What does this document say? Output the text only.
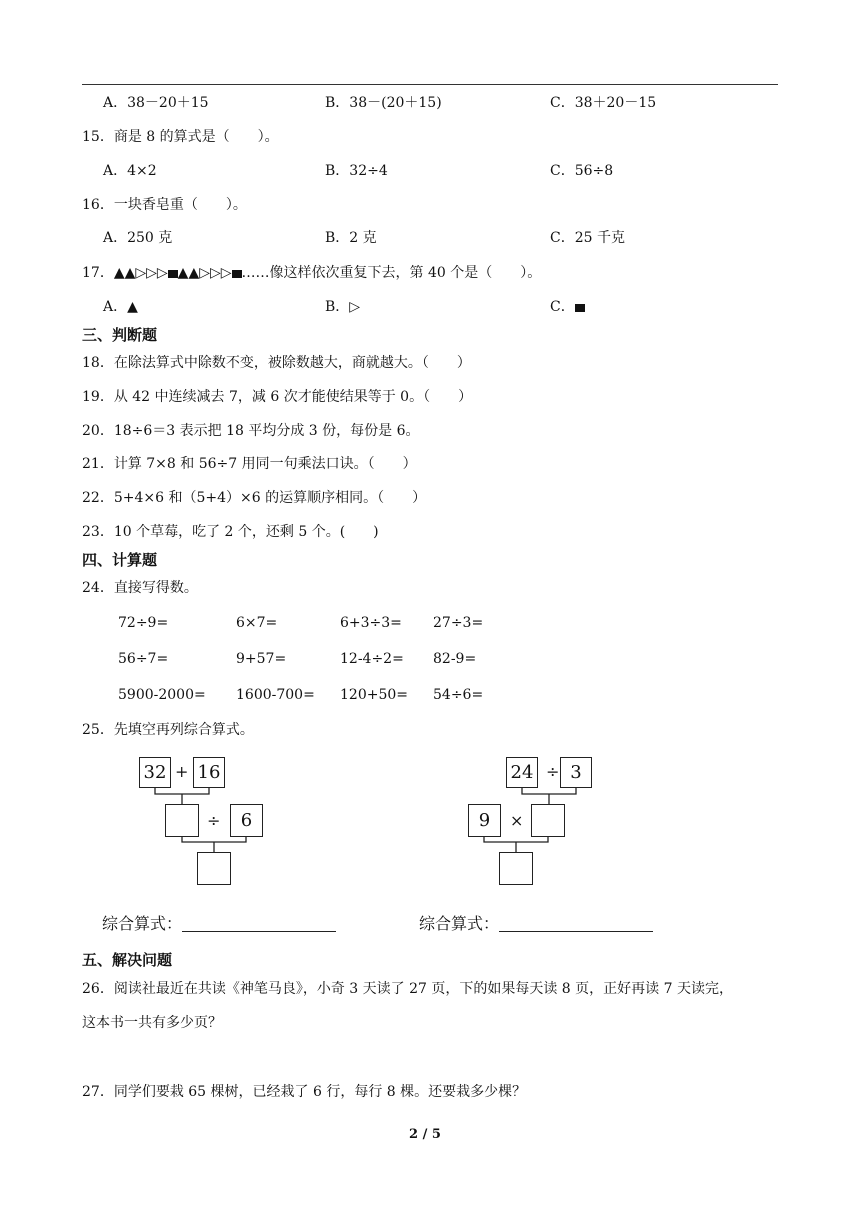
A．38－20＋15	B．38－(20＋15)	C．38＋20－15
15．商是 8 的算式是（　　）。
A．4×2	B．32÷4	C．56÷8
16．一块香皂重（　　）。
A．250 克	B．2 克	C．25 千克
17．▲▲▷▷▷ ▲▲▷▷▷ ……像这样依次重复下去，第 40 个是（　　）。
A．▲	B．▷	C．
三、判断题
18．在除法算式中除数不变，被除数越大，商就越大。（　　）
19．从 42 中连续减去 7，减 6 次才能使结果等于 0。（　　）
20．18÷6＝3 表示把 18 平均分成 3 份，每份是 6。
21．计算 7×8 和 56÷7 用同一句乘法口诀。（　　）
22．5+4×6 和（5+4）×6 的运算顺序相同。（　　）
23．10 个草莓，吃了 2 个，还剩 5 个。(　　)
四、计算题
24．直接写得数。
72÷9=	6×7=	6+3÷3= 27÷3=
56÷7=	9+57=	12-4÷2= 82-9=
5900-2000= 1600-700= 120+50= 54÷6=
25．先填空再列综合算式。
32 + 16
÷	6
24 ÷ 3
9	×
综合算式：	综合算式：
五、解决问题
26．阅读社最近在共读《神笔马良》，小奇 3 天读了 27 页，下的如果每天读 8 页，正好再读 7 天读完，
这本书一共有多少页？
27．同学们要栽 65 棵树，已经栽了 6 行，每行 8 棵。还要栽多少棵？
2 / 5
